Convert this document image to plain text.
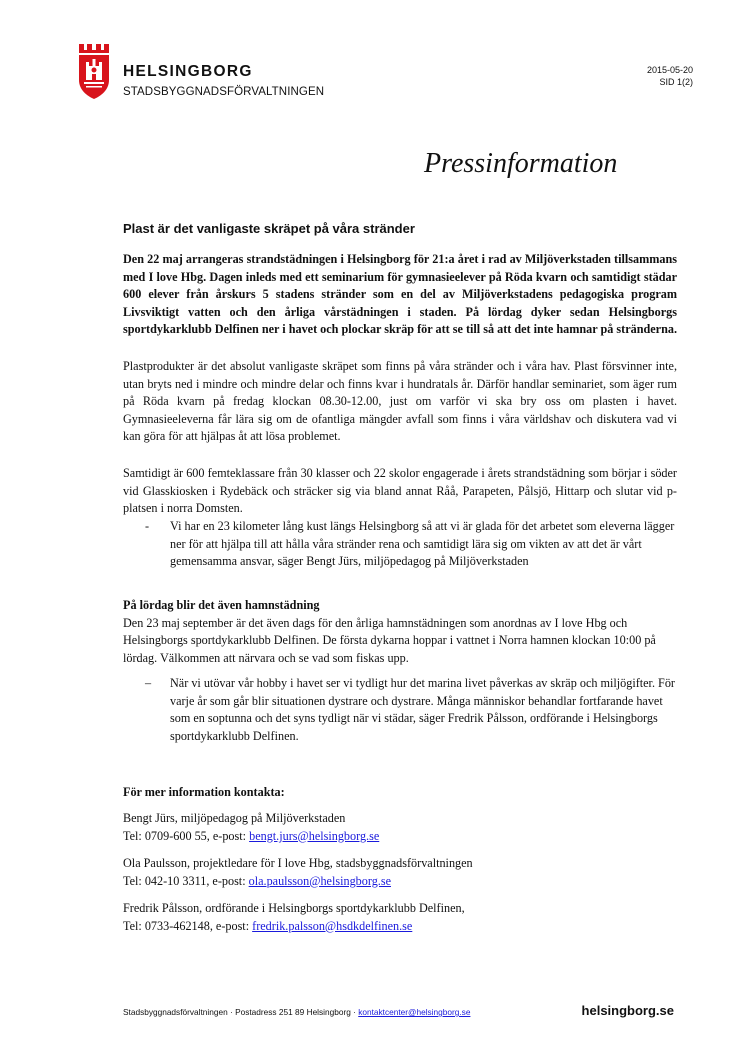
HELSINGBORG
STADSBYGGNADSFÖRVALTNINGEN
2015-05-20
SID 1(2)
Pressinformation
Plast är det vanligaste skräpet på våra stränder

Den 22 maj arrangeras strandstädningen i Helsingborg för 21:a året i rad av Miljöverkstaden tillsammans med I love Hbg. Dagen inleds med ett seminarium för gymnasieelever på Röda kvarn och samtidigt städar 600 elever från årskurs 5 stadens stränder som en del av Miljöverkstadens pedagogiska program Livsviktigt vatten och den årliga vårstädningen i staden. På lördag dyker sedan Helsingborgs sportdykarklubb Delfinen ner i havet och plockar skräp för att se till så att det inte hamnar på stränderna.

Plastprodukter är det absolut vanligaste skräpet som finns på våra stränder och i våra hav. Plast försvinner inte, utan bryts ned i mindre och mindre delar och finns kvar i hundratals år. Därför handlar seminariet, som äger rum på Röda kvarn på fredag klockan 08.30-12.00, just om varför vi ska bry oss om plasten i havet. Gymnasieeleverna får lära sig om de ofantliga mängder avfall som finns i våra världshav och diskutera vad vi kan göra för att hjälpas åt att lösa problemet.

Samtidigt är 600 femteklassare från 30 klasser och 22 skolor engagerade i årets strandstädning som börjar i söder vid Glasskiosken i Rydebäck och sträcker sig via bland annat Råå, Parapeten, Pålsjö, Hittarp och slutar vid p-platsen i norra Domsten.

- Vi har en 23 kilometer lång kust längs Helsingborg så att vi är glada för det arbetet som eleverna lägger ner för att hjälpa till att hålla våra stränder rena och samtidigt lära sig om vikten av att det är vårt gemensamma ansvar, säger Bengt Jürs, miljöpedagog på Miljöverkstaden
På lördag blir det även hamnstädning
Den 23 maj september är det även dags för den årliga hamnstädningen som anordnas av I love Hbg och Helsingborgs sportdykarklubb Delfinen. De första dykarna hoppar i vattnet i Norra hamnen klockan 10:00 på lördag. Välkommen att närvara och se vad som fiskas upp.
– När vi utövar vår hobby i havet ser vi tydligt hur det marina livet påverkas av skräp och miljögifter. För varje år som går blir situationen dystrare och dystrare. Många människor behandlar fortfarande havet som en soptunna och det syns tydligt när vi städar, säger Fredrik Pålsson, ordförande i Helsingborgs sportdykarklubb Delfinen.
För mer information kontakta:
Bengt Jürs, miljöpedagog på Miljöverkstaden
Tel: 0709-600 55, e-post: bengt.jurs@helsingborg.se
Ola Paulsson, projektledare för I love Hbg, stadsbyggnadsförvaltningen
Tel: 042-10 3311, e-post: ola.paulsson@helsingborg.se
Fredrik Pålsson, ordförande i Helsingborgs sportdykarklubb Delfinen,
Tel: 0733-462148, e-post: fredrik.palsson@hsdkdelfinen.se
Stadsbyggnadsförvaltningen · Postadress 251 89 Helsingborg · kontaktcenter@helsingborg.se	helsingborg.se
